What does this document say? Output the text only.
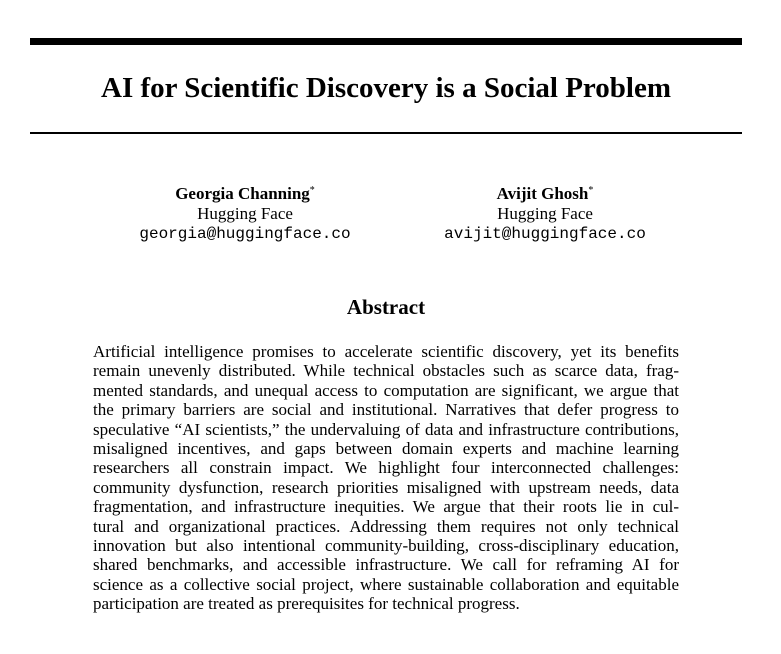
AI for Scientific Discovery is a Social Problem
Georgia Channing*
Hugging Face
georgia@huggingface.co
Avijit Ghosh*
Hugging Face
avijit@huggingface.co
Abstract
Artificial intelligence promises to accelerate scientific discovery, yet its benefits
remain unevenly distributed. While technical obstacles such as scarce data, frag-
mented standards, and unequal access to computation are significant, we argue that
the primary barriers are social and institutional. Narratives that defer progress to
speculative “AI scientists,” the undervaluing of data and infrastructure contributions,
misaligned incentives, and gaps between domain experts and machine learning
researchers all constrain impact. We highlight four interconnected challenges:
community dysfunction, research priorities misaligned with upstream needs, data
fragmentation, and infrastructure inequities. We argue that their roots lie in cul-
tural and organizational practices. Addressing them requires not only technical
innovation but also intentional community-building, cross-disciplinary education,
shared benchmarks, and accessible infrastructure. We call for reframing AI for
science as a collective social project, where sustainable collaboration and equitable
participation are treated as prerequisites for technical progress.
